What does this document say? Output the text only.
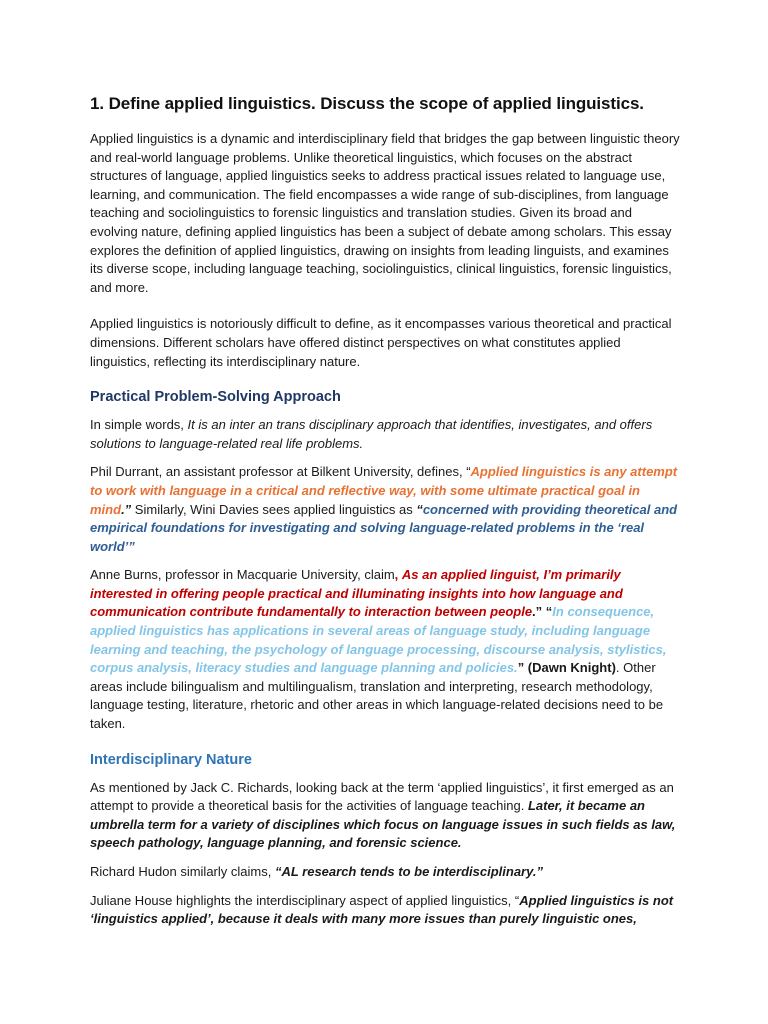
1. Define applied linguistics. Discuss the scope of applied linguistics.

Applied linguistics is a dynamic and interdisciplinary field that bridges the gap between linguistic theory and real-world language problems. Unlike theoretical linguistics, which focuses on the abstract structures of language, applied linguistics seeks to address practical issues related to language use, learning, and communication. The field encompasses a wide range of sub-disciplines, from language teaching and sociolinguistics to forensic linguistics and translation studies. Given its broad and evolving nature, defining applied linguistics has been a subject of debate among scholars. This essay explores the definition of applied linguistics, drawing on insights from leading linguists, and examines its diverse scope, including language teaching, sociolinguistics, clinical linguistics, forensic linguistics, and more.

Applied linguistics is notoriously difficult to define, as it encompasses various theoretical and practical dimensions. Different scholars have offered distinct perspectives on what constitutes applied linguistics, reflecting its interdisciplinary nature.

Practical Problem-Solving Approach

In simple words, It is an inter an trans disciplinary approach that identifies, investigates, and offers solutions to language-related real life problems.

Phil Durrant, an assistant professor at Bilkent University, defines, “Applied linguistics is any attempt to work with language in a critical and reflective way, with some ultimate practical goal in mind.” Similarly, Wini Davies sees applied linguistics as “concerned with providing theoretical and empirical foundations for investigating and solving language-related problems in the ‘real world’”

Anne Burns, professor in Macquarie University, claim, As an applied linguist, I’m primarily interested in offering people practical and illuminating insights into how language and communication contribute fundamentally to interaction between people.” “In consequence, applied linguistics has applications in several areas of language study, including language learning and teaching, the psychology of language processing, discourse analysis, stylistics, corpus analysis, literacy studies and language planning and policies.” (Dawn Knight). Other areas include bilingualism and multilingualism, translation and interpreting, research methodology, language testing, literature, rhetoric and other areas in which language-related decisions need to be taken.

Interdisciplinary Nature

As mentioned by Jack C. Richards, looking back at the term ‘applied linguistics’, it first emerged as an attempt to provide a theoretical basis for the activities of language teaching. Later, it became an umbrella term for a variety of disciplines which focus on language issues in such fields as law, speech pathology, language planning, and forensic science.

Richard Hudon similarly claims, “AL research tends to be interdisciplinary.”

Juliane House highlights the interdisciplinary aspect of applied linguistics, “Applied linguistics is not ‘linguistics applied’, because it deals with many more issues than purely linguistic ones,
